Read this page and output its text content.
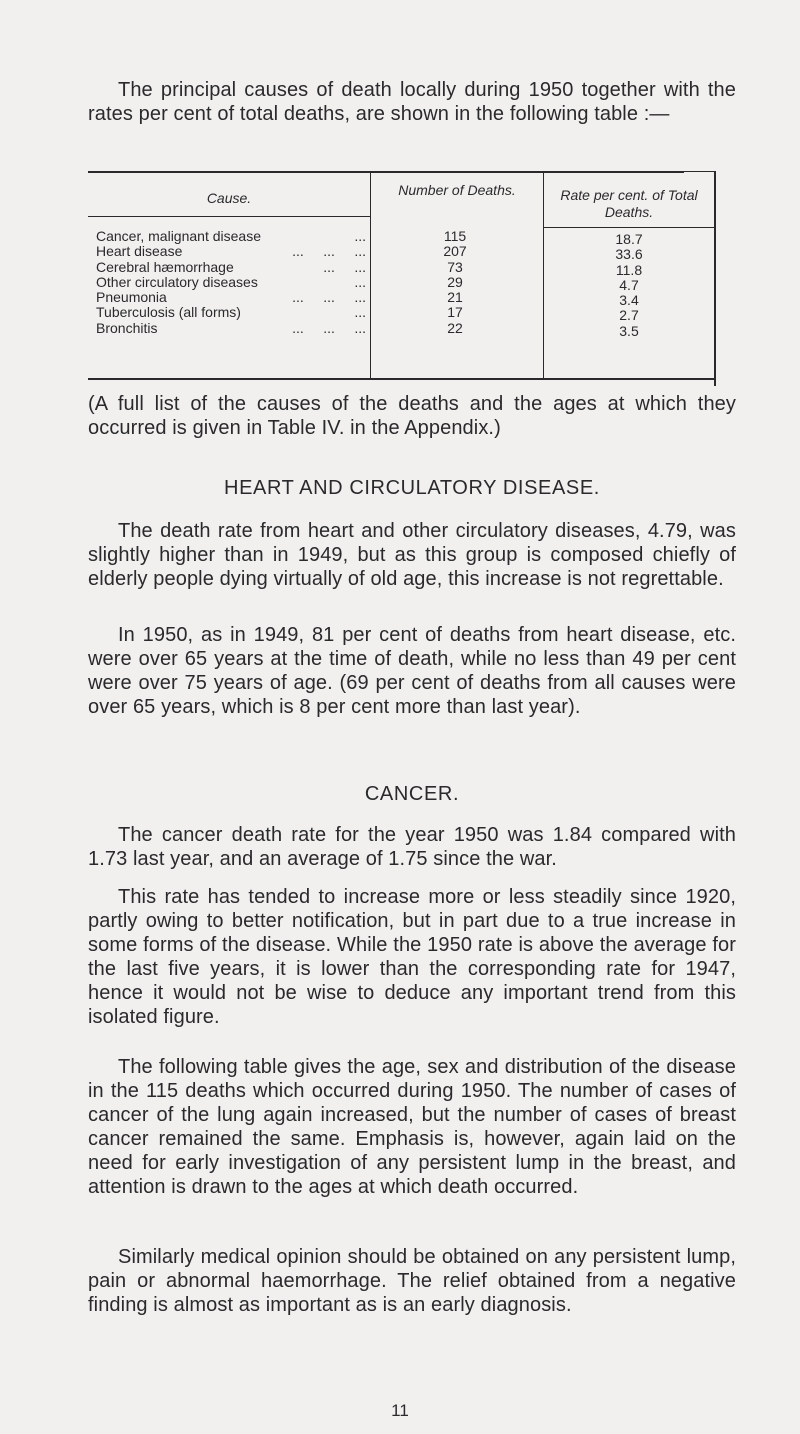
The principal causes of death locally during 1950 together with the rates per cent of total deaths, are shown in the following table :—

Cause.	Number of Deaths.	Rate per cent. of Total Deaths.
Cancer, malignant disease	...	115	18.7
Heart disease	...     ...     ...	207	33.6
Cerebral hæmorrhage	...     ...	73	11.8
Other circulatory diseases	...	29	4.7
Pneumonia	...     ...     ...	21	3.4
Tuberculosis (all forms)	...	17	2.7
Bronchitis	...     ...     ...	22	3.5

(A full list of the causes of the deaths and the ages at which they occurred is given in Table IV. in the Appendix.)

HEART AND CIRCULATORY DISEASE.

The death rate from heart and other circulatory diseases, 4.79, was slightly higher than in 1949, but as this group is composed chiefly of elderly people dying virtually of old age, this increase is not regrettable.

In 1950, as in 1949, 81 per cent of deaths from heart disease, etc. were over 65 years at the time of death, while no less than 49 per cent were over 75 years of age. (69 per cent of deaths from all causes were over 65 years, which is 8 per cent more than last year).

CANCER.

The cancer death rate for the year 1950 was 1.84 compared with 1.73 last year, and an average of 1.75 since the war.

This rate has tended to increase more or less steadily since 1920, partly owing to better notification, but in part due to a true increase in some forms of the disease. While the 1950 rate is above the average for the last five years, it is lower than the corresponding rate for 1947, hence it would not be wise to deduce any important trend from this isolated figure.

The following table gives the age, sex and distribution of the disease in the 115 deaths which occurred during 1950. The number of cases of cancer of the lung again increased, but the number of cases of breast cancer remained the same. Emphasis is, however, again laid on the need for early investigation of any persistent lump in the breast, and attention is drawn to the ages at which death occurred.

Similarly medical opinion should be obtained on any persistent lump, pain or abnormal haemorrhage. The relief obtained from a negative finding is almost as important as is an early diagnosis.

11
